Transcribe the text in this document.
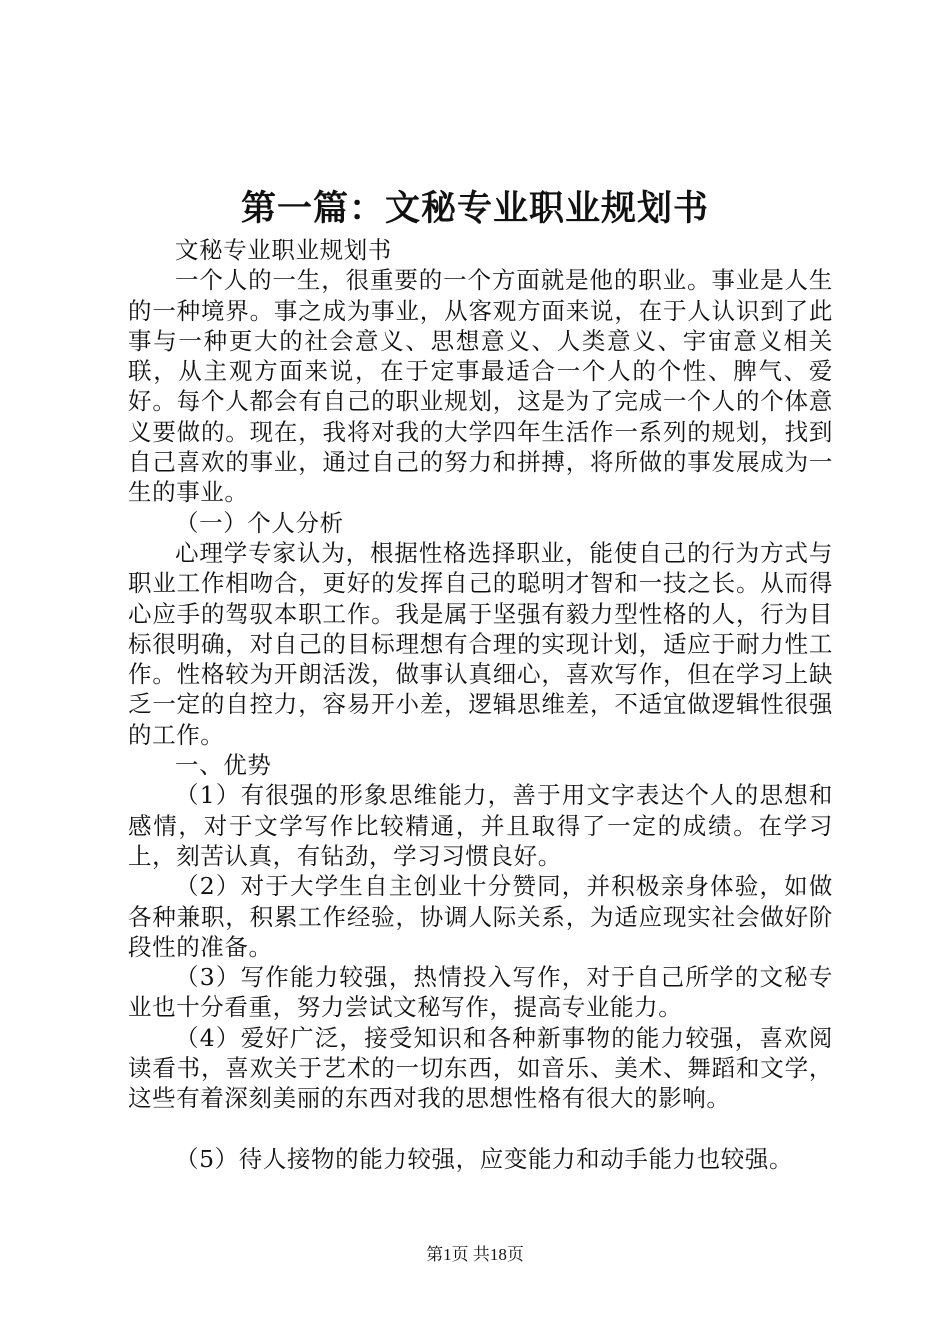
第一篇：文秘专业职业规划书

文秘专业职业规划书

一个人的一生，很重要的一个方面就是他的职业。事业是人生的一种境界。事之成为事业，从客观方面来说，在于人认识到了此事与一种更大的社会意义、思想意义、人类意义、宇宙意义相关联，从主观方面来说，在于定事最适合一个人的个性、脾气、爱好。每个人都会有自己的职业规划，这是为了完成一个人的个体意义要做的。现在，我将对我的大学四年生活作一系列的规划，找到自己喜欢的事业，通过自己的努力和拼搏，将所做的事发展成为一生的事业。

（一）个人分析

心理学专家认为，根据性格选择职业，能使自己的行为方式与职业工作相吻合，更好的发挥自己的聪明才智和一技之长。从而得心应手的驾驭本职工作。我是属于坚强有毅力型性格的人，行为目标很明确，对自己的目标理想有合理的实现计划，适应于耐力性工作。性格较为开朗活泼，做事认真细心，喜欢写作，但在学习上缺乏一定的自控力，容易开小差，逻辑思维差，不适宜做逻辑性很强的工作。

一、优势

（1）有很强的形象思维能力，善于用文字表达个人的思想和感情，对于文学写作比较精通，并且取得了一定的成绩。在学习上，刻苦认真，有钻劲，学习习惯良好。

（2）对于大学生自主创业十分赞同，并积极亲身体验，如做各种兼职，积累工作经验，协调人际关系，为适应现实社会做好阶段性的准备。

（3）写作能力较强，热情投入写作，对于自己所学的文秘专业也十分看重，努力尝试文秘写作，提高专业能力。

（4）爱好广泛，接受知识和各种新事物的能力较强，喜欢阅读看书，喜欢关于艺术的一切东西，如音乐、美术、舞蹈和文学，这些有着深刻美丽的东西对我的思想性格有很大的影响。

（5）待人接物的能力较强，应变能力和动手能力也较强。

第1页 共18页
